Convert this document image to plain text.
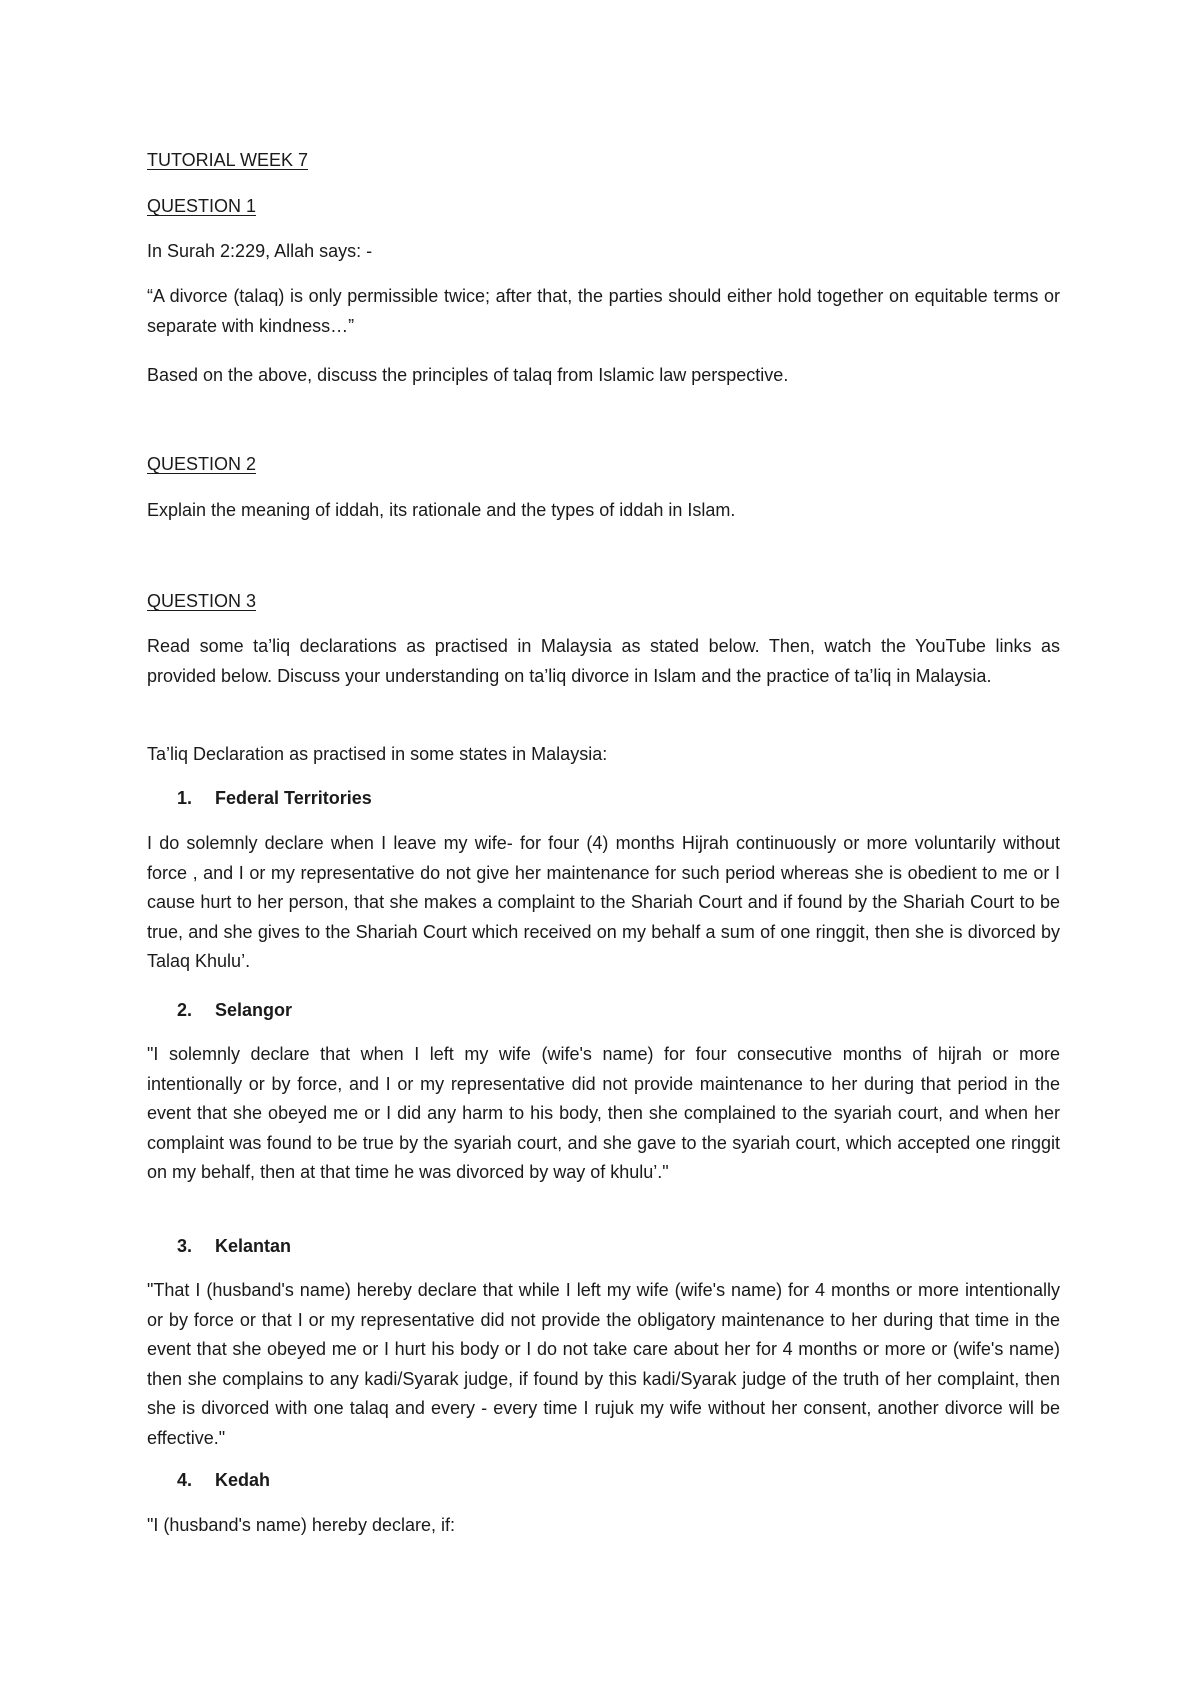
TUTORIAL WEEK 7
QUESTION 1
In Surah 2:229, Allah says: -
“A divorce (talaq) is only permissible twice; after that, the parties should either hold together on equitable terms or separate with kindness…”
Based on the above, discuss the principles of talaq from Islamic law perspective.
QUESTION 2
Explain the meaning of iddah, its rationale and the types of iddah in Islam.
QUESTION 3
Read some ta’liq declarations as practised in Malaysia as stated below. Then, watch the YouTube links as provided below. Discuss your understanding on ta’liq divorce in Islam and the practice of ta’liq in Malaysia.
Ta’liq Declaration as practised in some states in Malaysia:
1. Federal Territories
I do solemnly declare when I leave my wife- for four (4) months Hijrah continuously or more voluntarily without force , and I or my representative do not give her maintenance for such period whereas she is obedient to me or I cause hurt to her person, that she makes a complaint to the Shariah Court and if found by the Shariah Court to be true, and she gives to the Shariah Court which received on my behalf a sum of one ringgit, then she is divorced by Talaq Khulu’.
2. Selangor
"I solemnly declare that when I left my wife (wife's name) for four consecutive months of hijrah or more intentionally or by force, and I or my representative did not provide maintenance to her during that period in the event that she obeyed me or I did any harm to his body, then she complained to the syariah court, and when her complaint was found to be true by the syariah court, and she gave to the syariah court, which accepted one ringgit on my behalf, then at that time he was divorced by way of khulu’."
3. Kelantan
"That I (husband's name) hereby declare that while I left my wife (wife's name) for 4 months or more intentionally or by force or that I or my representative did not provide the obligatory maintenance to her during that time in the event that she obeyed me or I hurt his body or I do not take care about her for 4 months or more or (wife's name) then she complains to any kadi/Syarak judge, if found by this kadi/Syarak judge of the truth of her complaint, then she is divorced with one talaq and every - every time I rujuk my wife without her consent, another divorce will be effective."
4. Kedah
"I (husband's name) hereby declare, if:
